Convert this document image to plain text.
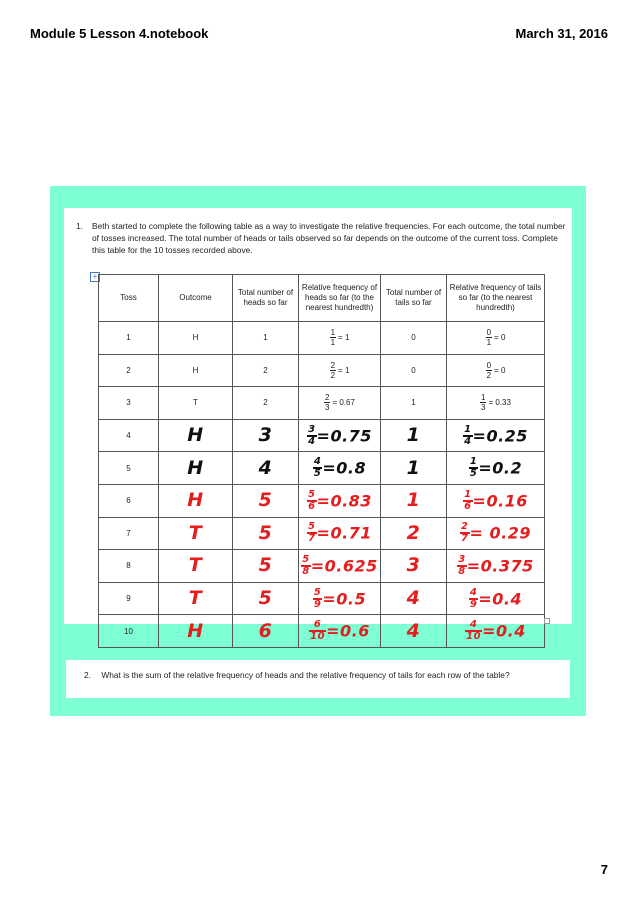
Module 5 Lesson 4.notebook	March 31, 2016
1. Beth started to complete the following table as a way to investigate the relative frequencies. For each outcome, the total number of tosses increased. The total number of heads or tails observed so far depends on the outcome of the current toss. Complete this table for the 10 tosses recorded above.
+
Toss	Outcome	Total number of heads so far	Relative frequency of heads so far (to the nearest hundredth)	Total number of tails so far	Relative frequency of tails so far (to the nearest hundredth)
1	H	1	$\frac{1}{1} = 1$	0	$\frac{0}{1} = 0$
2	H	2	$\frac{2}{2} = 1$	0	$\frac{0}{2} = 0$
3	T	2	$\frac{2}{3} = 0.67$	1	$\frac{1}{3} = 0.33$
4	H	3	$\frac{3}{4} =0.75$	1	$\frac{1}{4} =0.25$
5	H	4	$\frac{4}{5} =0.8$	1	$\frac{1}{5} =0.2$
6	H	5	$\frac{5}{6} =0.83$	1	$\frac{1}{6} =0.16$
7	T	5	$\frac{5}{7} =0.71$	2	$\frac{2}{7} = 0.29$
8	T	5	$\frac{5}{8} =0.625$	3	$\frac{3}{8} =0.375$
9	T	5	$\frac{5}{9} =0.5$	4	$\frac{4}{9} =0.4$
10	H	6	$\frac{6}{10} =0.6$	4	$\frac{4}{10} =0.4$
2. What is the sum of the relative frequency of heads and the relative frequency of tails for each row of the table?
7
